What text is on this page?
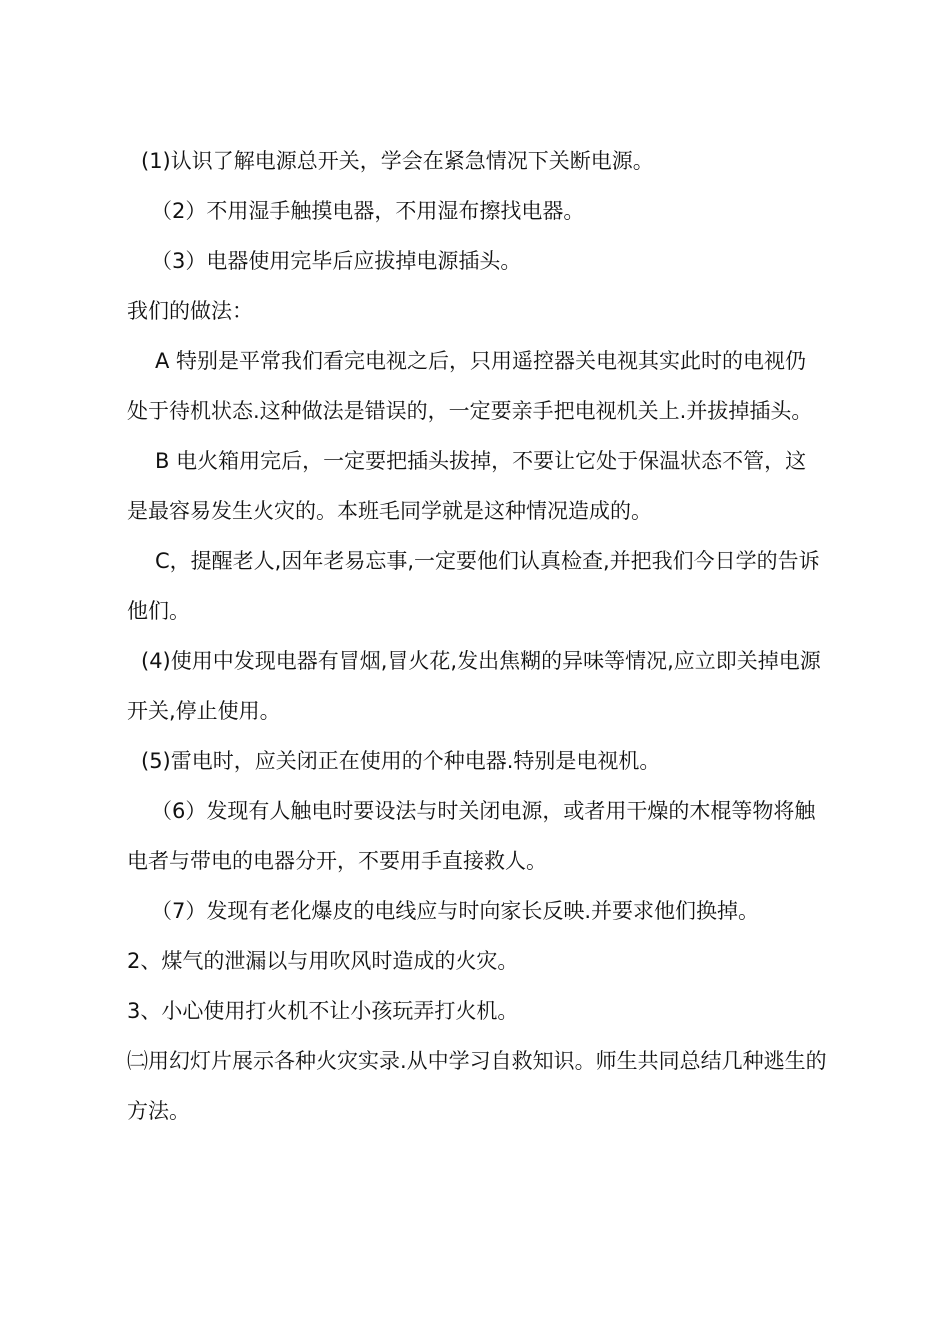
(1)认识了解电源总开关，学会在紧急情况下关断电源。

（2）不用湿手触摸电器，不用湿布擦找电器。

（3）电器使用完毕后应拔掉电源插头。

我们的做法：

A 特别是平常我们看完电视之后，只用遥控器关电视其实此时的电视仍处于待机状态.这种做法是错误的，一定要亲手把电视机关上.并拔掉插头。

B 电火箱用完后，一定要把插头拔掉，不要让它处于保温状态不管，这是最容易发生火灾的。本班毛同学就是这种情况造成的。

C，提醒老人,因年老易忘事,一定要他们认真检查,并把我们今日学的告诉他们。

(4)使用中发现电器有冒烟,冒火花,发出焦糊的异味等情况,应立即关掉电源开关,停止使用。

(5)雷电时，应关闭正在使用的个种电器.特别是电视机。

（6）发现有人触电时要设法与时关闭电源，或者用干燥的木棍等物将触电者与带电的电器分开，不要用手直接救人。

（7）发现有老化爆皮的电线应与时向家长反映.并要求他们换掉。

2、煤气的泄漏以与用吹风时造成的火灾。

3、小心使用打火机不让小孩玩弄打火机。

㈡用幻灯片展示各种火灾实录.从中学习自救知识。师生共同总结几种逃生的方法。
